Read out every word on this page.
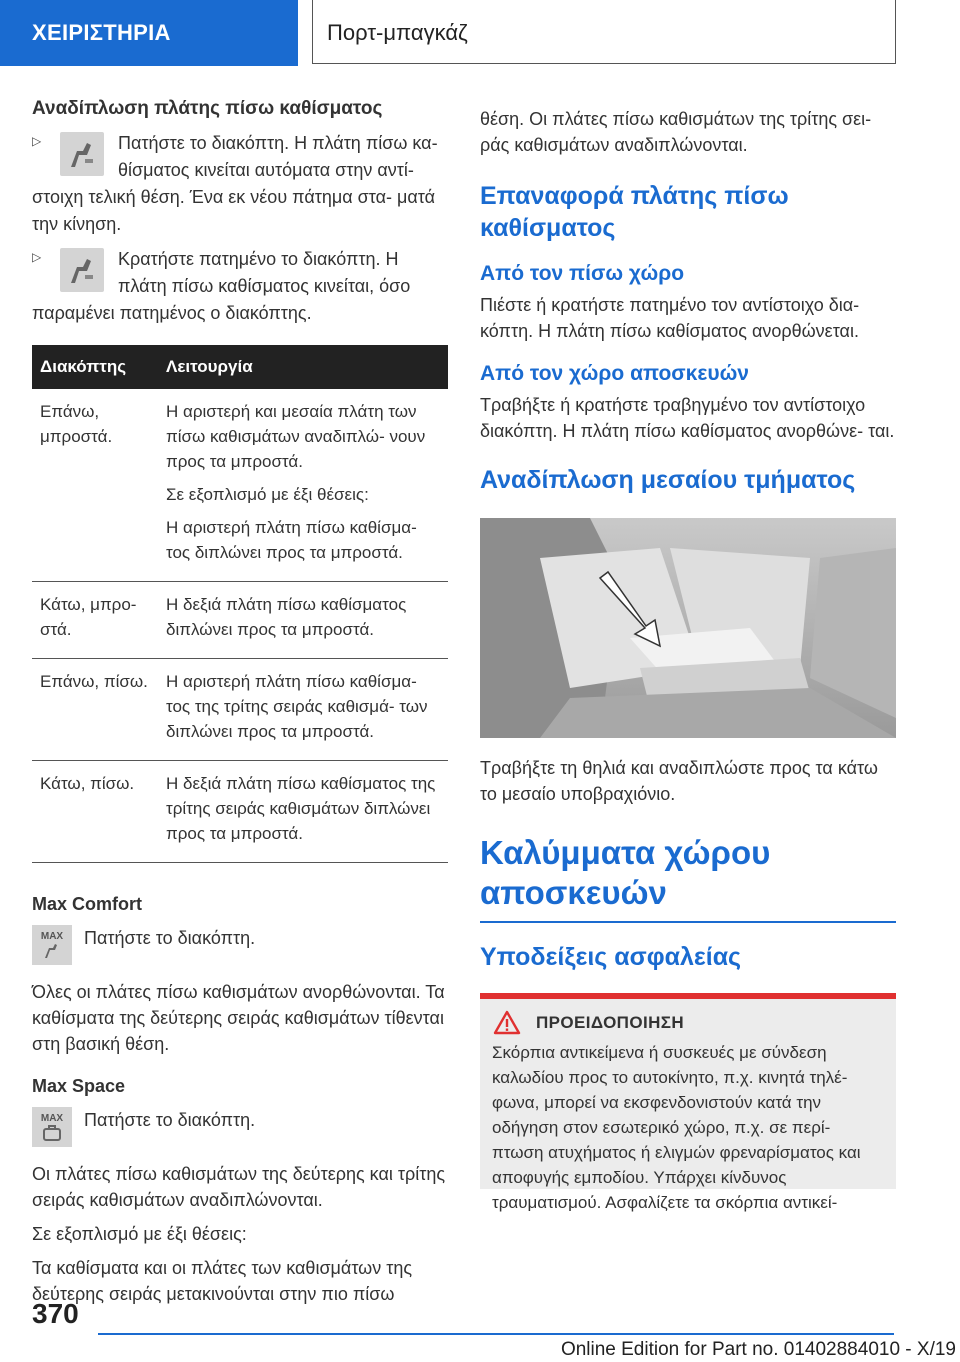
ΧΕΙΡΙΣΤΗΡΙΑ	Πορτ-μπαγκάζ
Αναδίπλωση πλάτης πίσω καθίσματος
▷	Πατήστε το διακόπτη. Η πλάτη πίσω κα- θίσματος κινείται αυτόματα στην αντί- στοιχη τελική θέση. Ένα εκ νέου πάτημα στα- ματά την κίνηση.

▷	Κρατήστε πατημένο το διακόπτη. Η πλάτη πίσω καθίσματος κινείται, όσο παραμένει πατημένος ο διακόπτης.

Διακόπτης	Λειτουργία
Επάνω, μπροστά.	Η αριστερή και μεσαία πλάτη των πίσω καθισμάτων αναδιπλώ- νουν προς τα μπροστά.

Σε εξοπλισμό με έξι θέσεις:

Η αριστερή πλάτη πίσω καθίσμα- τος διπλώνει προς τα μπροστά.

Κάτω, μπρο- στά.	Η δεξιά πλάτη πίσω καθίσματος διπλώνει προς τα μπροστά.

Επάνω, πίσω.	Η αριστερή πλάτη πίσω καθίσμα- τος της τρίτης σειράς καθισμά- των διπλώνει προς τα μπροστά.

Κάτω, πίσω.	Η δεξιά πλάτη πίσω καθίσματος της τρίτης σειράς καθισμάτων διπλώνει προς τα μπροστά.

Max Comfort

MAX Πατήστε το διακόπτη.

Όλες οι πλάτες πίσω καθισμάτων ανορθώνονται. Τα καθίσματα της δεύτερης σειράς καθισμάτων τίθενται στη βασική θέση.

Max Space

MAX Πατήστε το διακόπτη.

Οι πλάτες πίσω καθισμάτων της δεύτερης και τρίτης σειράς καθισμάτων αναδιπλώνονται.

Σε εξοπλισμό με έξι θέσεις:

Τα καθίσματα και οι πλάτες των καθισμάτων της δεύτερης σειράς μετακινούνται στην πιο πίσω

θέση. Οι πλάτες πίσω καθισμάτων της τρίτης σει- ράς καθισμάτων αναδιπλώνονται.

Επαναφορά πλάτης πίσω καθίσματος
Από τον πίσω χώρο

Πιέστε ή κρατήστε πατημένο τον αντίστοιχο δια- κόπτη. Η πλάτη πίσω καθίσματος ανορθώνεται.

Από τον χώρο αποσκευών

Τραβήξτε ή κρατήστε τραβηγμένο τον αντίστοιχο διακόπτη. Η πλάτη πίσω καθίσματος ανορθώνε- ται.

Αναδίπλωση μεσαίου τμήματος

Τραβήξτε τη θηλιά και αναδιπλώστε προς τα κάτω το μεσαίο υποβραχιόνιο.

Καλύμματα χώρου αποσκευών
Υποδείξεις ασφαλείας
ΠΡΟΕΙΔΟΠΟΙΗΣΗ

Σκόρπια αντικείμενα ή συσκευές με σύνδεση καλωδίου προς το αυτοκίνητο, π.χ. κινητά τηλέ- φωνα, μπορεί να εκσφενδονιστούν κατά την οδήγηση στον εσωτερικό χώρο, π.χ. σε περί- πτωση ατυχήματος ή ελιγμών φρεναρίσματος και αποφυγής εμποδίου. Υπάρχει κίνδυνος τραυματισμού. Ασφαλίζετε τα σκόρπια αντικεί-

370
Online Edition for Part no. 01402884010 - X/19
